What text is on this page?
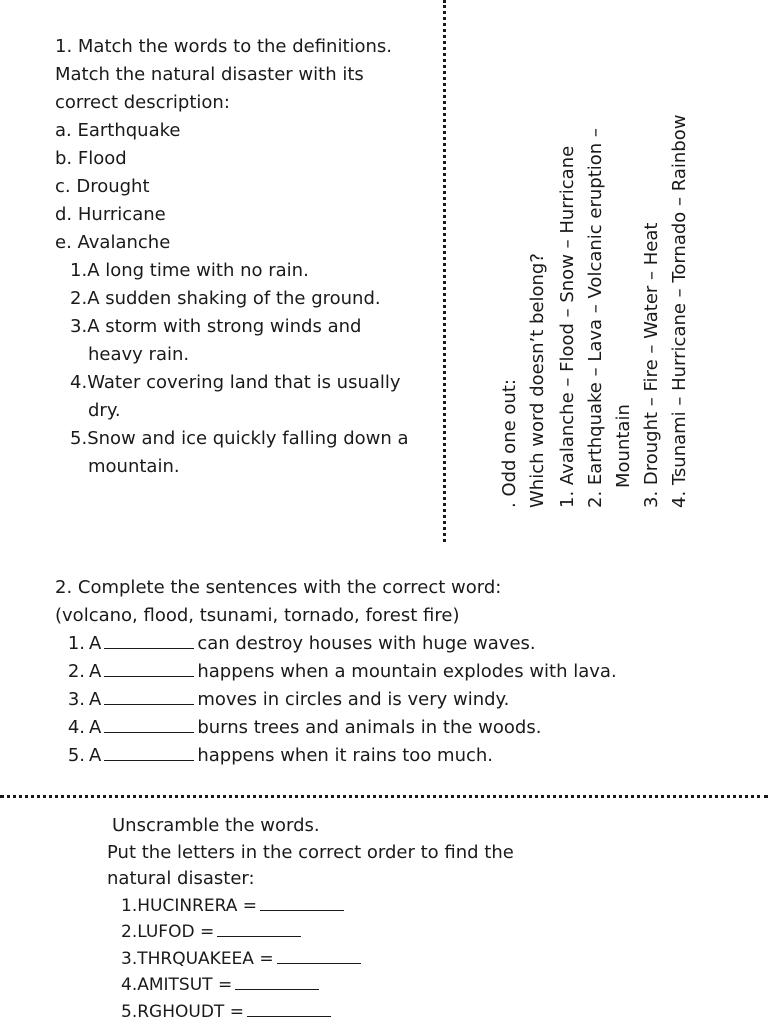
1. Match the words to the definitions.
Match the natural disaster with its
correct description:
a. Earthquake
b. Flood
c. Drought
d. Hurricane
e. Avalanche
1.A long time with no rain.
2.A sudden shaking of the ground.
3.A storm with strong winds and
heavy rain.
4.Water covering land that is usually
dry.
5.Snow and ice quickly falling down a
mountain.	. Odd one out: Which word doesn’t belong? 1. Avalanche – Flood – Snow – Hurricane 2. Earthquake – Lava – Volcanic eruption – Mountain 3. Drought – Fire – Water – Heat 4. Tsunami – Hurricane – Tornado – Rainbow
2. Complete the sentences with the correct word:
(volcano, flood, tsunami, tornado, forest fire)
1. A	can destroy houses with huge waves.
2. A	happens when a mountain explodes with lava.
3. A	moves in circles and is very windy.
4. A	burns trees and animals in the woods.
5. A	happens when it rains too much.
Unscramble the words.
Put the letters in the correct order to find the
natural disaster:
1.HUCINRERA =
2.LUFOD =
3.THRQUAKEEA =
4.AMITSUT =
5.RGHOUDT =
